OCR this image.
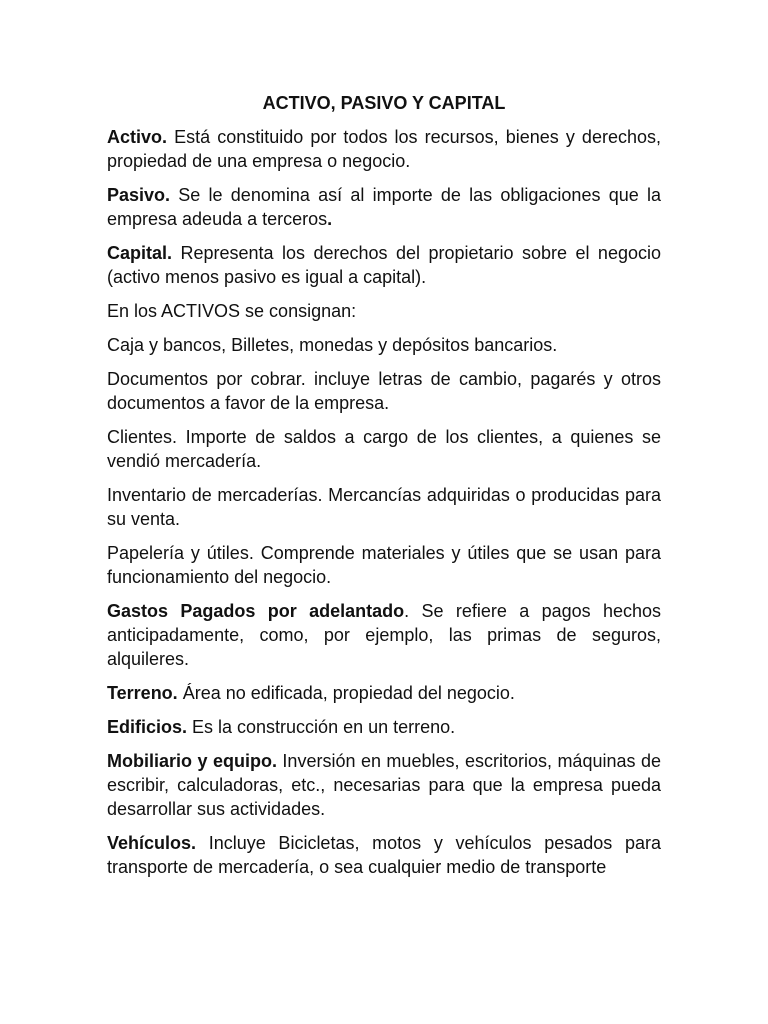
ACTIVO, PASIVO Y CAPITAL

Activo. Está constituido por todos los recursos, bienes y derechos, propiedad de una empresa o negocio.

Pasivo. Se le denomina así al importe de las obligaciones que la empresa adeuda a terceros.

Capital. Representa los derechos del propietario sobre el negocio (activo menos pasivo es igual a capital).

En los ACTIVOS se consignan:

Caja y bancos, Billetes, monedas y depósitos bancarios.

Documentos por cobrar. incluye letras de cambio, pagarés y otros documentos a favor de la empresa.

Clientes. Importe de saldos a cargo de los clientes, a quienes se vendió mercadería.

Inventario de mercaderías. Mercancías adquiridas o producidas para su venta.

Papelería y útiles. Comprende materiales y útiles que se usan para funcionamiento del negocio.

Gastos Pagados por adelantado. Se refiere a pagos hechos anticipadamente, como, por ejemplo, las primas de seguros, alquileres.

Terreno. Área no edificada, propiedad del negocio.

Edificios. Es la construcción en un terreno.

Mobiliario y equipo. Inversión en muebles, escritorios, máquinas de escribir, calculadoras, etc., necesarias para que la empresa pueda desarrollar sus actividades.

Vehículos. Incluye Bicicletas, motos y vehículos pesados para transporte de mercadería, o sea cualquier medio de transporte
